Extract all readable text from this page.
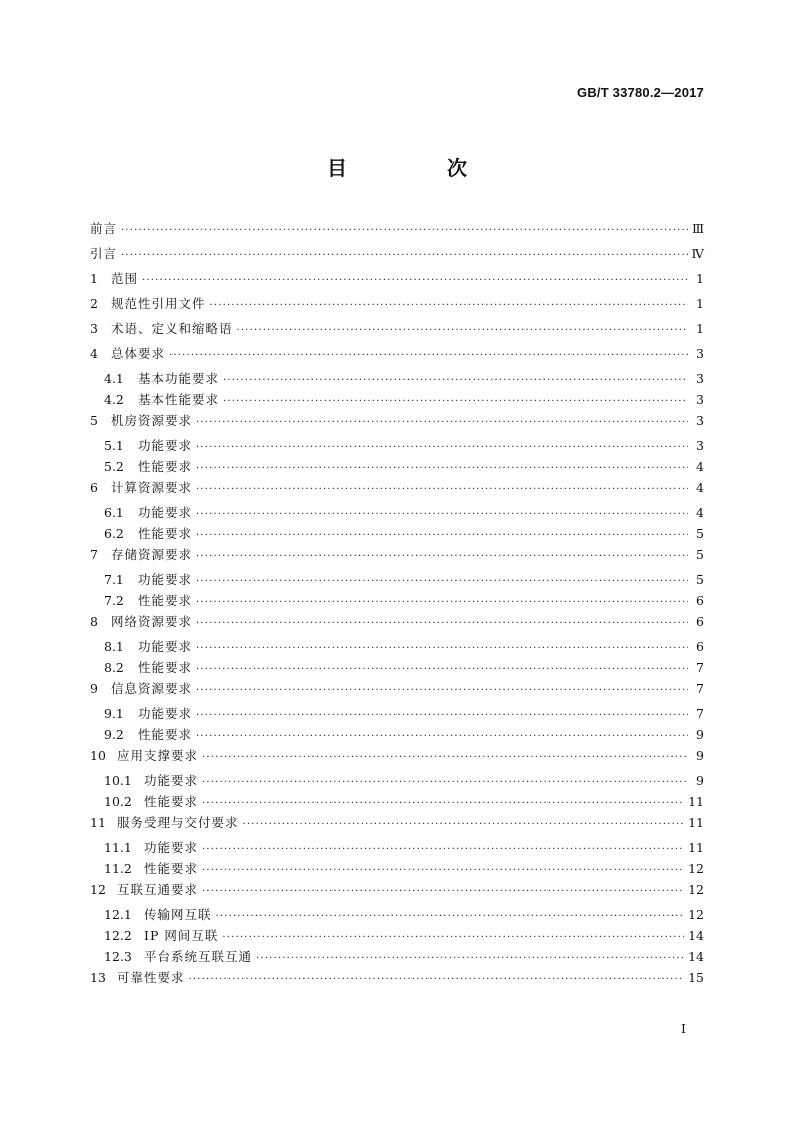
GB/T 33780.2—2017
目　次
前言 ·····	Ⅲ
引言 ·····	Ⅳ
1	范围 ·····	1
2	规范性引用文件 ·····	1
3	术语、定义和缩略语 ·····	1
4	总体要求 ·····	3
4.1	基本功能要求 ·····	3
4.2	基本性能要求 ·····	3
5	机房资源要求 ·····	3
5.1	功能要求 ·····	3
5.2	性能要求 ·····	4
6	计算资源要求 ·····	4
6.1	功能要求 ·····	4
6.2	性能要求 ·····	5
7	存储资源要求 ·····	5
7.1	功能要求 ·····	5
7.2	性能要求 ·····	6
8	网络资源要求 ·····	6
8.1	功能要求 ·····	6
8.2	性能要求 ·····	7
9	信息资源要求 ·····	7
9.1	功能要求 ·····	7
9.2	性能要求 ·····	9
10 应用支撑要求 ·····	9
10.1 功能要求 ·····	9
10.2 性能要求 ·····	11
11 服务受理与交付要求 ·····	11
11.1 功能要求 ·····	11
11.2 性能要求 ·····	12
12 互联互通要求 ·····	12
12.1 传输网互联 ·····	12
12.2 IP 网间互联 ·····	14
12.3 平台系统互联互通 ·····	14
13 可靠性要求 ·····	15
Ⅰ
